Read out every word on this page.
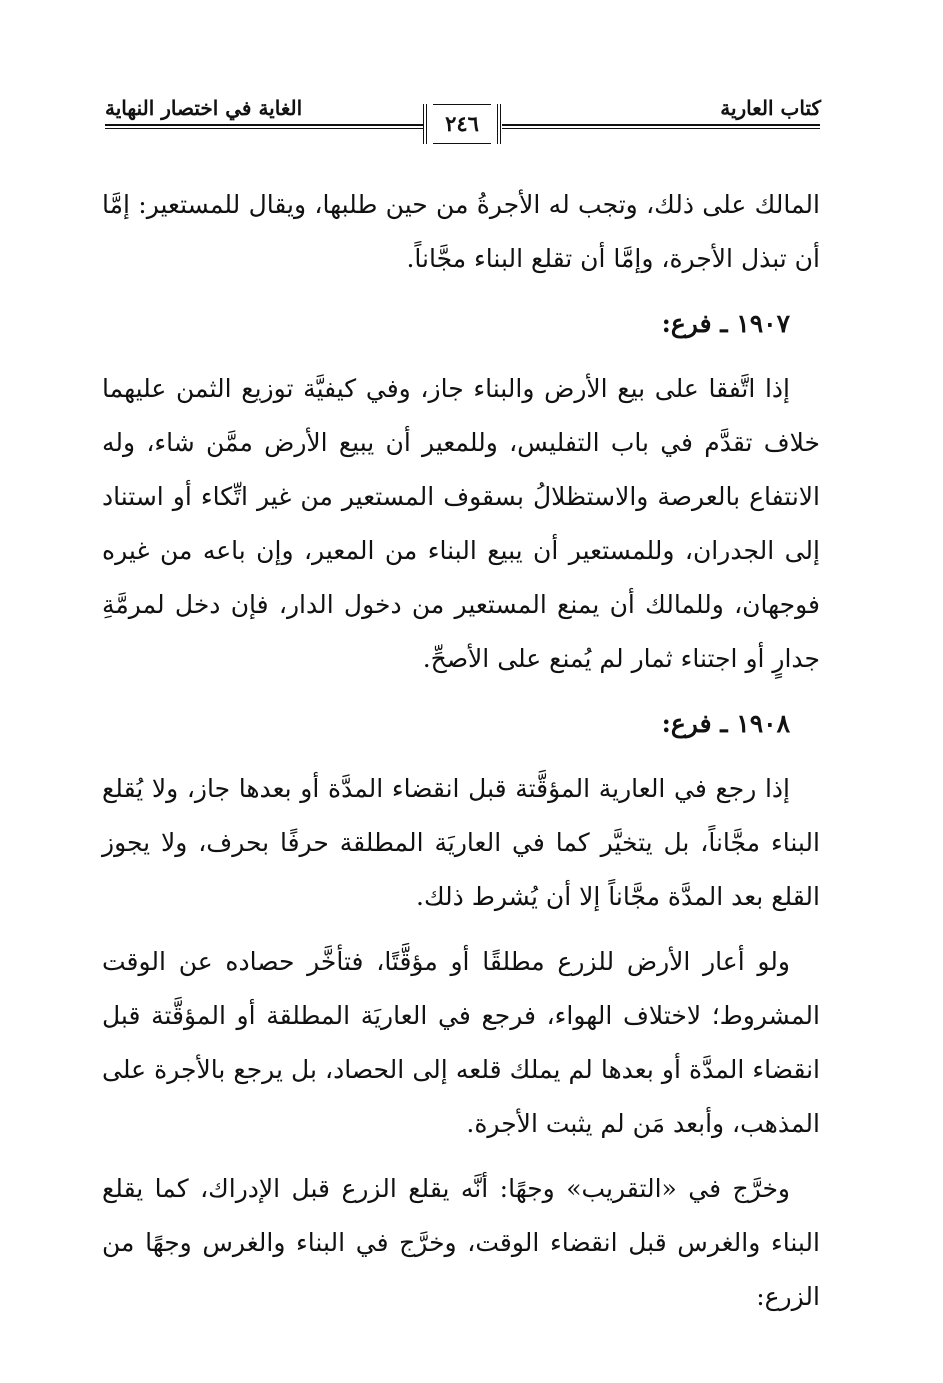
كتاب العارية
الغاية في اختصار النهاية
٢٤٦

المالك على ذلك، وتجب له الأجرةُ من حين طلبها، ويقال للمستعير: إمَّا أن تبذل الأجرة، وإمَّا أن تقلع البناء مجَّاناً.

١٩٠٧ ـ فرع:

إذا اتَّفقا على بيع الأرض والبناء جاز، وفي كيفيَّة توزيع الثمن عليهما خلاف تقدَّم في باب التفليس، وللمعير أن يبيع الأرض ممَّن شاء، وله الانتفاع بالعرصة والاستظلالُ بسقوف المستعير من غير اتِّكاء أو استناد إلى الجدران، وللمستعير أن يبيع البناء من المعير، وإن باعه من غيره فوجهان، وللمالك أن يمنع المستعير من دخول الدار، فإن دخل لمرمَّةِ جدارٍ أو اجتناء ثمار لم يُمنع على الأصحِّ.

١٩٠٨ ـ فرع:

إذا رجع في العارية المؤقَّتة قبل انقضاء المدَّة أو بعدها جاز، ولا يُقلع البناء مجَّاناً، بل يتخيَّر كما في العاريَة المطلقة حرفًا بحرف، ولا يجوز القلع بعد المدَّة مجَّاناً إلا أن يُشرط ذلك.

ولو أعار الأرض للزرع مطلقًا أو مؤقَّتًا، فتأخَّر حصاده عن الوقت المشروط؛ لاختلاف الهواء، فرجع في العاريَة المطلقة أو المؤقَّتة قبل انقضاء المدَّة أو بعدها لم يملك قلعه إلى الحصاد، بل يرجع بالأجرة على المذهب، وأبعد مَن لم يثبت الأجرة.

وخرَّج في «التقريب» وجهًا: أنَّه يقلع الزرع قبل الإدراك، كما يقلع البناء والغرس قبل انقضاء الوقت، وخرَّج في البناء والغرس وجهًا من الزرع:
